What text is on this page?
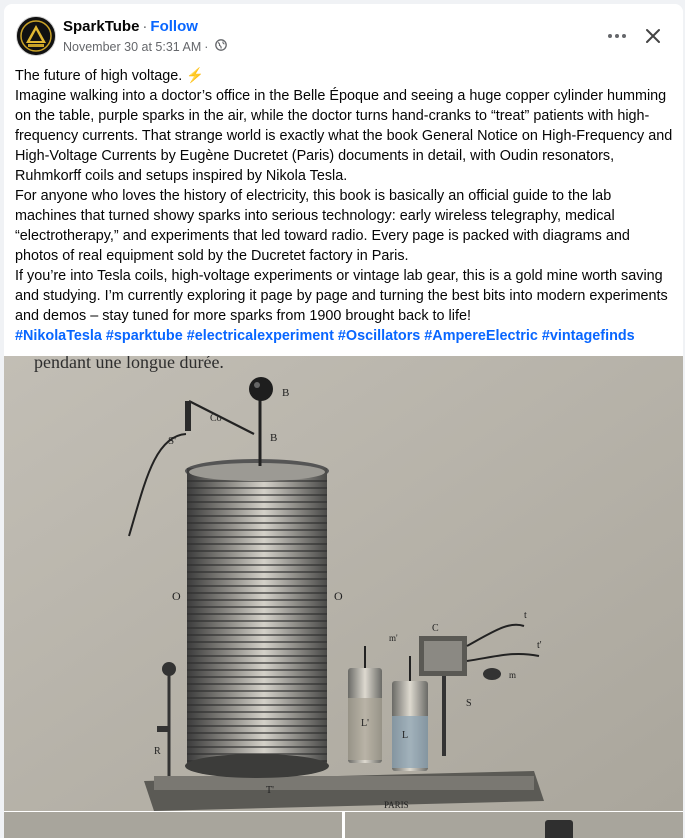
SparkTube · Follow
November 30 at 5:31 AM ·

The future of high voltage. ⚡

Imagine walking into a doctor’s office in the Belle Époque and seeing a huge copper cylinder humming on the table, purple sparks in the air, while the doctor turns hand-cranks to “treat” patients with high-frequency currents. That strange world is exactly what the book General Notice on High-Frequency and High-Voltage Currents by Eugène Ducretet (Paris) documents in detail, with Oudin resonators, Ruhmkorff coils and setups inspired by Nikola Tesla.

For anyone who loves the history of electricity, this book is basically an official guide to the lab machines that turned showy sparks into serious technology: early wireless telegraphy, medical “electrotherapy,” and experiments that led toward radio. Every page is packed with diagrams and photos of real equipment sold by the Ducretet factory in Paris.

If you’re into Tesla coils, high-voltage experiments or vintage lab gear, this is a gold mine worth saving and studying. I’m currently exploring it page by page and turning the best bits into modern experiments and demos – stay tuned for more sparks from 1900 brought back to life!

#NikolaTesla #sparktube #electricalexperiment #Oscillators #AmpereElectric #vintagefinds

pendant une longue durée.
PARIS
B
Co
S'	B
O	O
R
T'
L'
L
S
C
m'
t
t'
m
